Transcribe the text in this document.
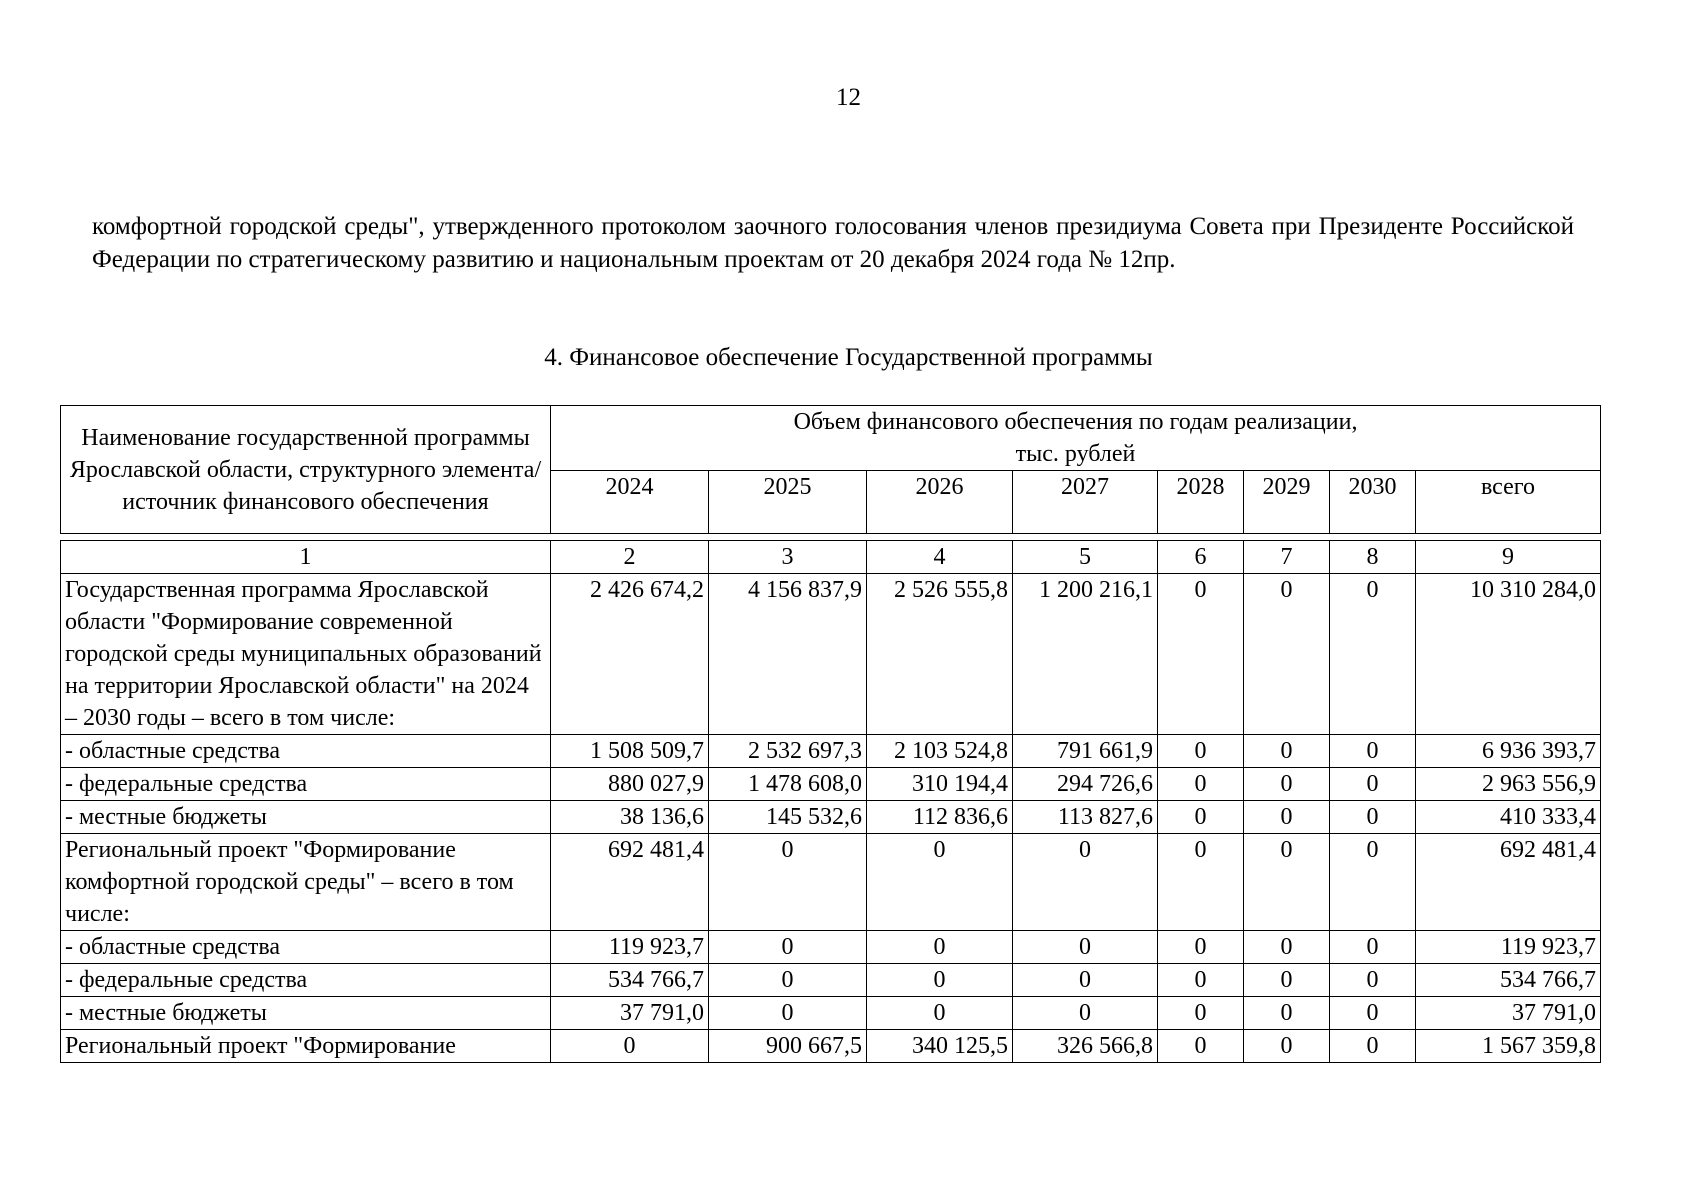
12
комфортной городской среды", утвержденного протоколом заочного голосования членов президиума Совета при Президенте Российской Федерации по стратегическому развитию и национальным проектам от 20 декабря 2024 года № 12пр.
4. Финансовое обеспечение Государственной программы
Наименование государственной программы Ярославской области, структурного элемента/ источник финансового обеспечения	Объем финансового обеспечения по годам реализации,
тыс. рублей							

	2024	2025	2026	2027	2028	2029	2030	всего
1	2	3	4	5	6	7	8	9
Государственная программа Ярославской области "Формирование современной городской среды муниципальных образований на территории Ярославской области" на 2024 – 2030 годы – всего в том числе:	2 426 674,2	4 156 837,9	2 526 555,8	1 200 216,1	0	0	0	10 310 284,0
- областные средства	1 508 509,7	2 532 697,3	2 103 524,8	791 661,9	0	0	0	6 936 393,7
- федеральные средства	880 027,9	1 478 608,0	310 194,4	294 726,6	0	0	0	2 963 556,9
- местные бюджеты	38 136,6	145 532,6	112 836,6	113 827,6	0	0	0	410 333,4
Региональный проект "Формирование комфортной городской среды" – всего в том числе:	692 481,4	0	0	0	0	0	0	692 481,4
- областные средства	119 923,7	0	0	0	0	0	0	119 923,7
- федеральные средства	534 766,7	0	0	0	0	0	0	534 766,7
- местные бюджеты	37 791,0	0	0	0	0	0	0	37 791,0
Региональный проект "Формирование	0	900 667,5	340 125,5	326 566,8	0	0	0	1 567 359,8
